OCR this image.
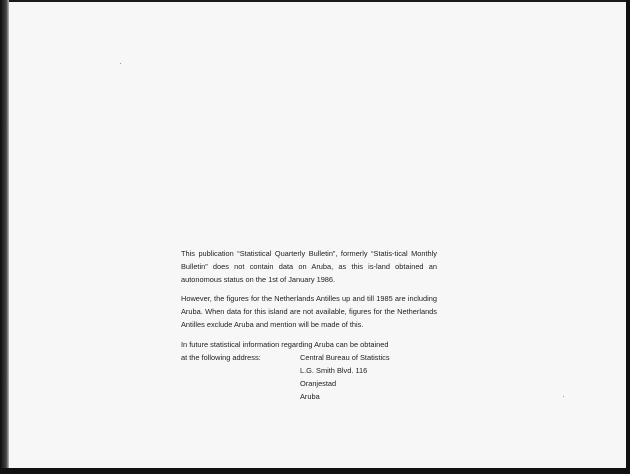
This publication “Statistical Quarterly Bulletin”, formerly “Statis-tical Monthly Bulletin” does not contain data on Aruba, as this is-land obtained an autonomous status on the 1st of January 1986.

However, the figures for the Netherlands Antilles up and till 1985 are including Aruba. When data for this island are not available, figures for the Netherlands Antilles exclude Aruba and mention will be made of this.

In future statistical information regarding Aruba can be obtained

at the following address:	Central Bureau of Statistics
L.G. Smith Blvd. 116
Oranjestad
Aruba
